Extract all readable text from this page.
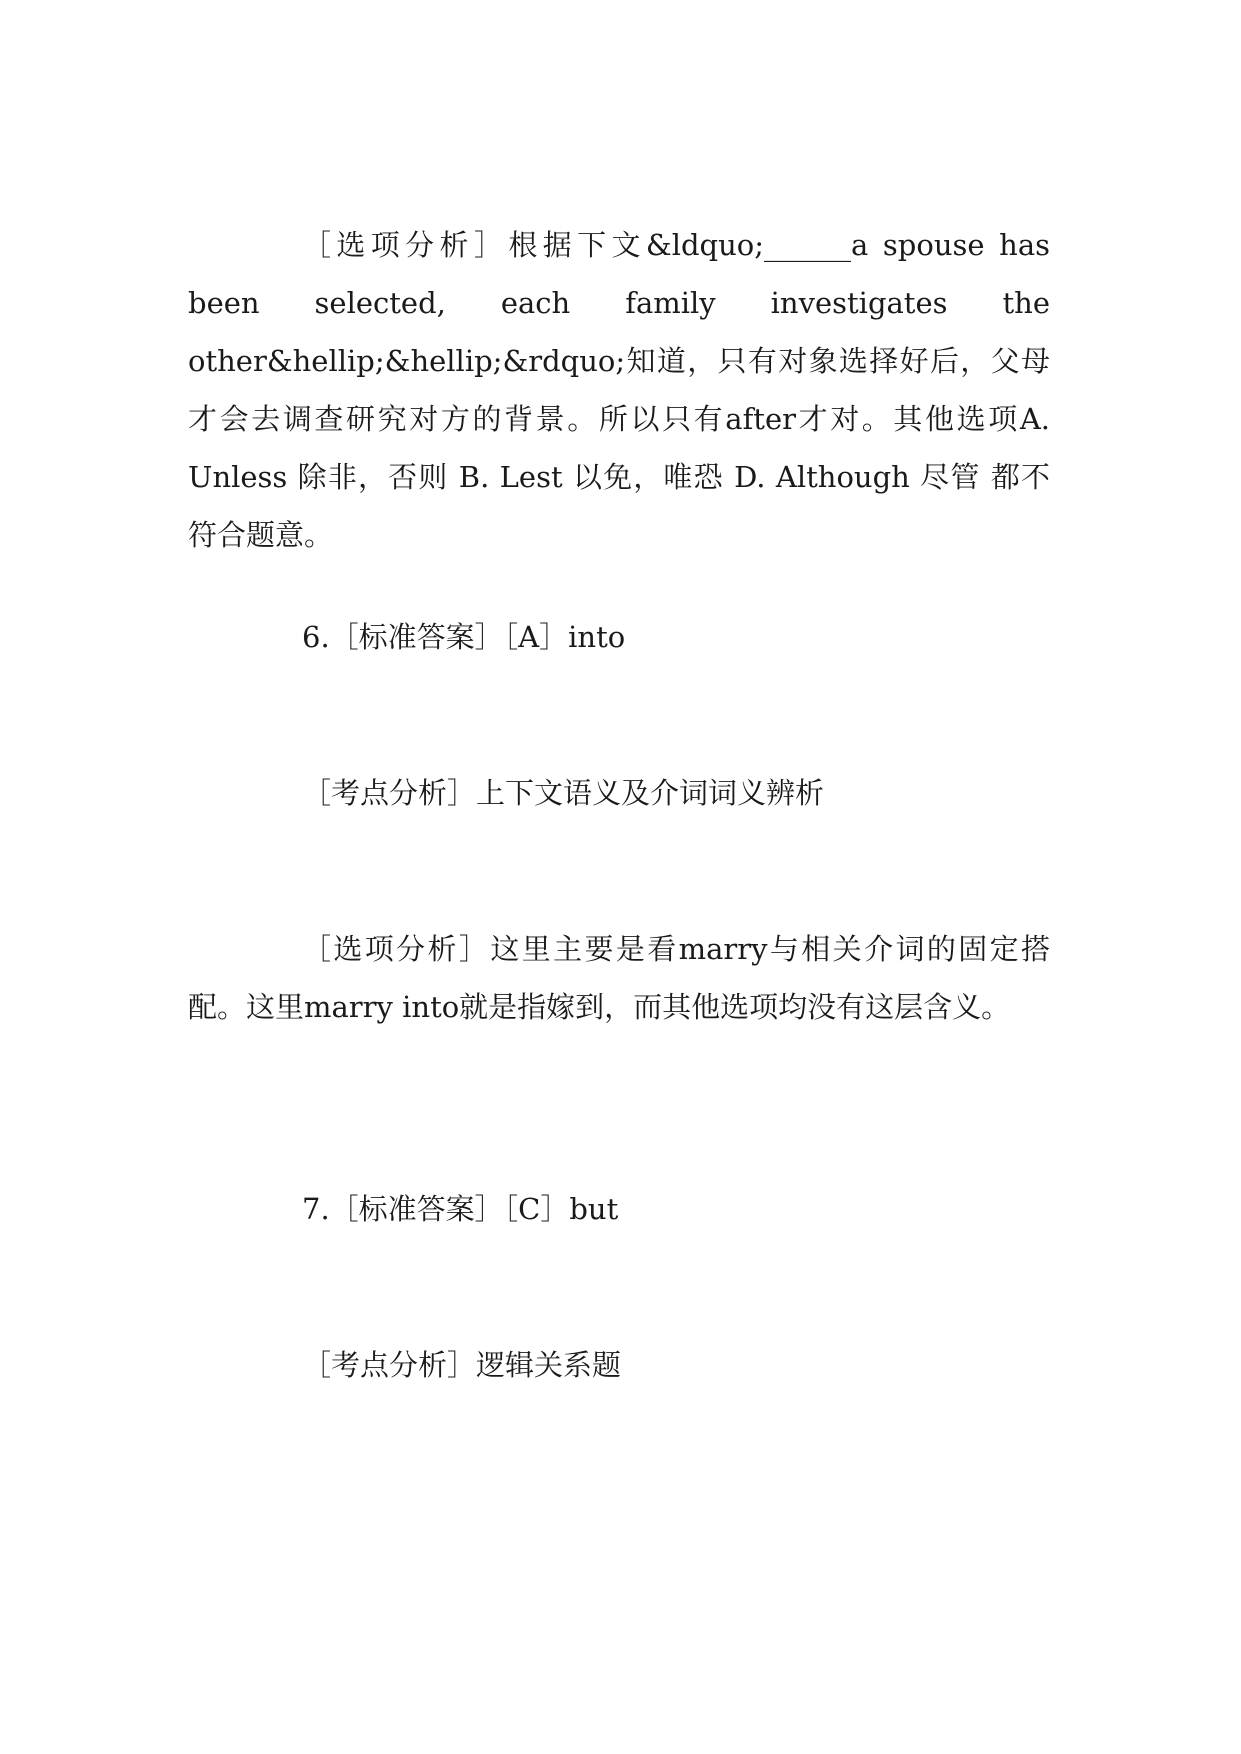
［选项分析］根据下文&ldquo;______a spouse has been selected, each family investigates the other&hellip;&hellip;&rdquo;知道，只有对象选择好后，父母才会去调查研究对方的背景。所以只有after才对。其他选项A. Unless 除非，否则 B. Lest 以免，唯恐 D. Although 尽管 都不符合题意。

6.［标准答案］［A］into

［考点分析］上下文语义及介词词义辨析

［选项分析］这里主要是看marry与相关介词的固定搭配。这里marry into就是指嫁到，而其他选项均没有这层含义。

7.［标准答案］［C］but

［考点分析］逻辑关系题
